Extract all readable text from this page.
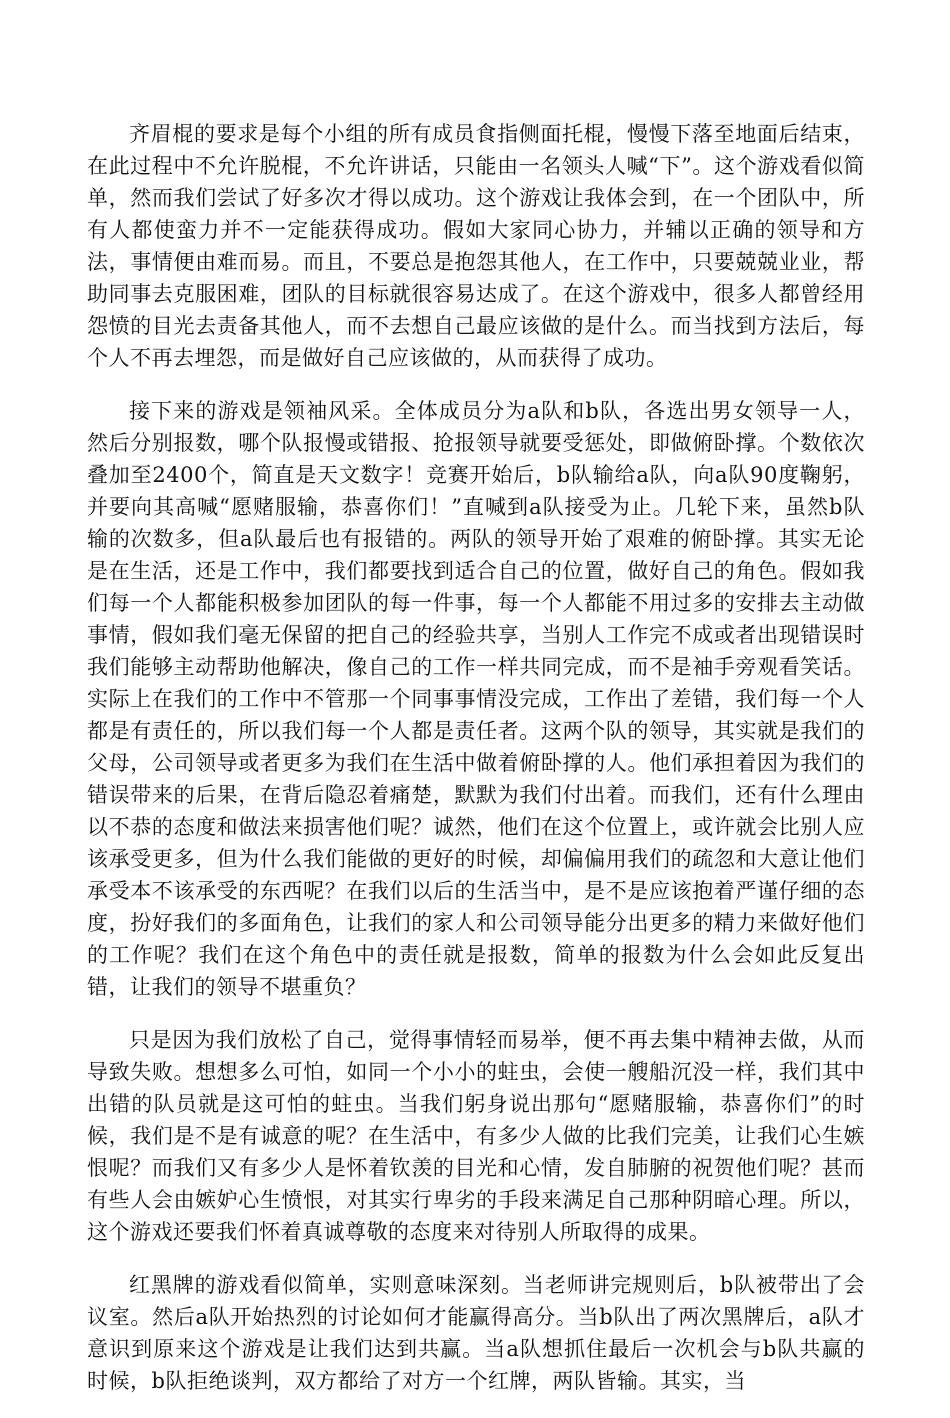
齐眉棍的要求是每个小组的所有成员食指侧面托棍，慢慢下落至地面后结束，在此过程中不允许脱棍，不允许讲话，只能由一名领头人喊“下”。这个游戏看似简单，然而我们尝试了好多次才得以成功。这个游戏让我体会到，在一个团队中，所有人都使蛮力并不一定能获得成功。假如大家同心协力，并辅以正确的领导和方法，事情便由难而易。而且，不要总是抱怨其他人，在工作中，只要兢兢业业，帮助同事去克服困难，团队的目标就很容易达成了。在这个游戏中，很多人都曾经用怨愤的目光去责备其他人，而不去想自己最应该做的是什么。而当找到方法后，每个人不再去埋怨，而是做好自己应该做的，从而获得了成功。

接下来的游戏是领袖风采。全体成员分为a队和b队，各选出男女领导一人，然后分别报数，哪个队报慢或错报、抢报领导就要受惩处，即做俯卧撑。个数依次叠加至2400个，简直是天文数字！竞赛开始后，b队输给a队，向a队90度鞠躬，并要向其高喊“愿赌服输，恭喜你们！”直喊到a队接受为止。几轮下来，虽然b队输的次数多，但a队最后也有报错的。两队的领导开始了艰难的俯卧撑。其实无论是在生活，还是工作中，我们都要找到适合自己的位置，做好自己的角色。假如我们每一个人都能积极参加团队的每一件事，每一个人都能不用过多的安排去主动做事情，假如我们毫无保留的把自己的经验共享，当别人工作完不成或者出现错误时我们能够主动帮助他解决，像自己的工作一样共同完成，而不是袖手旁观看笑话。实际上在我们的工作中不管那一个同事事情没完成，工作出了差错，我们每一个人都是有责任的，所以我们每一个人都是责任者。这两个队的领导，其实就是我们的父母，公司领导或者更多为我们在生活中做着俯卧撑的人。他们承担着因为我们的错误带来的后果，在背后隐忍着痛楚，默默为我们付出着。而我们，还有什么理由以不恭的态度和做法来损害他们呢？诚然，他们在这个位置上，或许就会比别人应该承受更多，但为什么我们能做的更好的时候，却偏偏用我们的疏忽和大意让他们承受本不该承受的东西呢？在我们以后的生活当中，是不是应该抱着严谨仔细的态度，扮好我们的多面角色，让我们的家人和公司领导能分出更多的精力来做好他们的工作呢？我们在这个角色中的责任就是报数，简单的报数为什么会如此反复出错，让我们的领导不堪重负？

只是因为我们放松了自己，觉得事情轻而易举，便不再去集中精神去做，从而导致失败。想想多么可怕，如同一个小小的蛀虫，会使一艘船沉没一样，我们其中出错的队员就是这可怕的蛀虫。当我们躬身说出那句“愿赌服输，恭喜你们”的时候，我们是不是有诚意的呢？在生活中，有多少人做的比我们完美，让我们心生嫉恨呢？而我们又有多少人是怀着钦羡的目光和心情，发自肺腑的祝贺他们呢？甚而有些人会由嫉妒心生愤恨，对其实行卑劣的手段来满足自己那种阴暗心理。所以，这个游戏还要我们怀着真诚尊敬的态度来对待别人所取得的成果。

红黑牌的游戏看似简单，实则意味深刻。当老师讲完规则后，b队被带出了会议室。然后a队开始热烈的讨论如何才能赢得高分。当b队出了两次黑牌后，a队才意识到原来这个游戏是让我们达到共赢。当a队想抓住最后一次机会与b队共赢的时候，b队拒绝谈判，双方都给了对方一个红牌，两队皆输。其实，当
